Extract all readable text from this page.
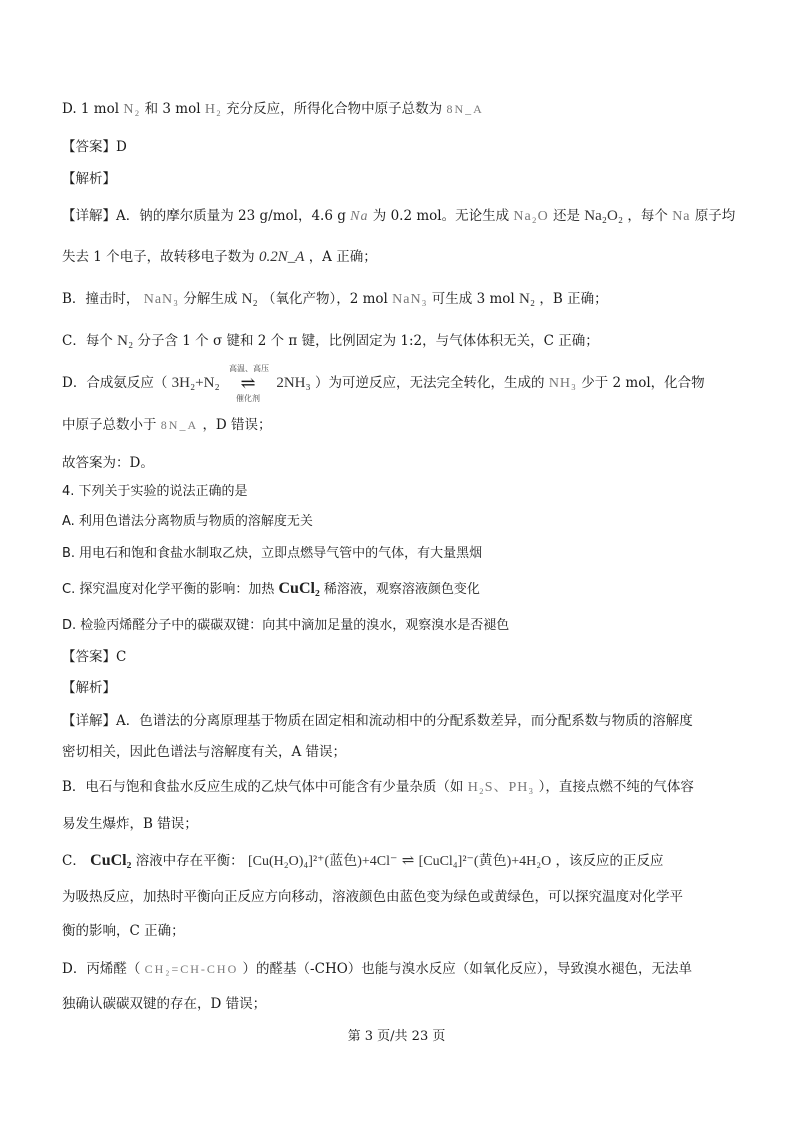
D. 1 mol N₂ 和 3 mol H₂ 充分反应，所得化合物中原子总数为 8N_A
【答案】D
【解析】
【详解】A．钠的摩尔质量为 23 g/mol，4.6 g Na 为 0.2 mol。无论生成 Na₂O 还是 Na₂O₂ ，每个 Na 原子均
失去 1 个电子，故转移电子数为 0.2N_A ，A 正确；
B．撞击时， NaN₃ 分解生成 N₂ （氧化产物），2 mol NaN₃ 可生成 3 mol N₂ ，B 正确；
C．每个 N₂ 分子含 1 个 σ 键和 2 个 π 键，比例固定为 1:2，与气体体积无关，C 正确；
D．合成氨反应（ 3H₂+N₂
高温、高压
⇌
催化剂
2NH₃ ）为可逆反应，无法完全转化，生成的 NH₃ 少于 2 mol，化合物
中原子总数小于 8N_A ，D 错误；
故答案为：D。
4. 下列关于实验的说法正确的是
A. 利用色谱法分离物质与物质的溶解度无关
B. 用电石和饱和食盐水制取乙炔，立即点燃导气管中的气体，有大量黑烟
C. 探究温度对化学平衡的影响：加热 CuCl₂ 稀溶液，观察溶液颜色变化
D. 检验丙烯醛分子中的碳碳双键：向其中滴加足量的溴水，观察溴水是否褪色
【答案】C
【解析】
【详解】A．色谱法的分离原理基于物质在固定相和流动相中的分配系数差异，而分配系数与物质的溶解度
密切相关，因此色谱法与溶解度有关，A 错误；
B．电石与饱和食盐水反应生成的乙炔气体中可能含有少量杂质（如 H₂S、PH₃ ），直接点燃不纯的气体容
易发生爆炸，B 错误；
C． CuCl₂ 溶液中存在平衡： [Cu(H₂O)₄]²⁺(蓝色)+4Cl⁻ ⇌ [CuCl₄]²⁻(黄色)+4H₂O ，该反应的正反应
为吸热反应，加热时平衡向正反应方向移动，溶液颜色由蓝色变为绿色或黄绿色，可以探究温度对化学平
衡的影响，C 正确；
D．丙烯醛（ CH₂=CH-CHO ）的醛基（-CHO）也能与溴水反应（如氧化反应），导致溴水褪色，无法单
独确认碳碳双键的存在，D 错误；
第 3 页/共 23 页
